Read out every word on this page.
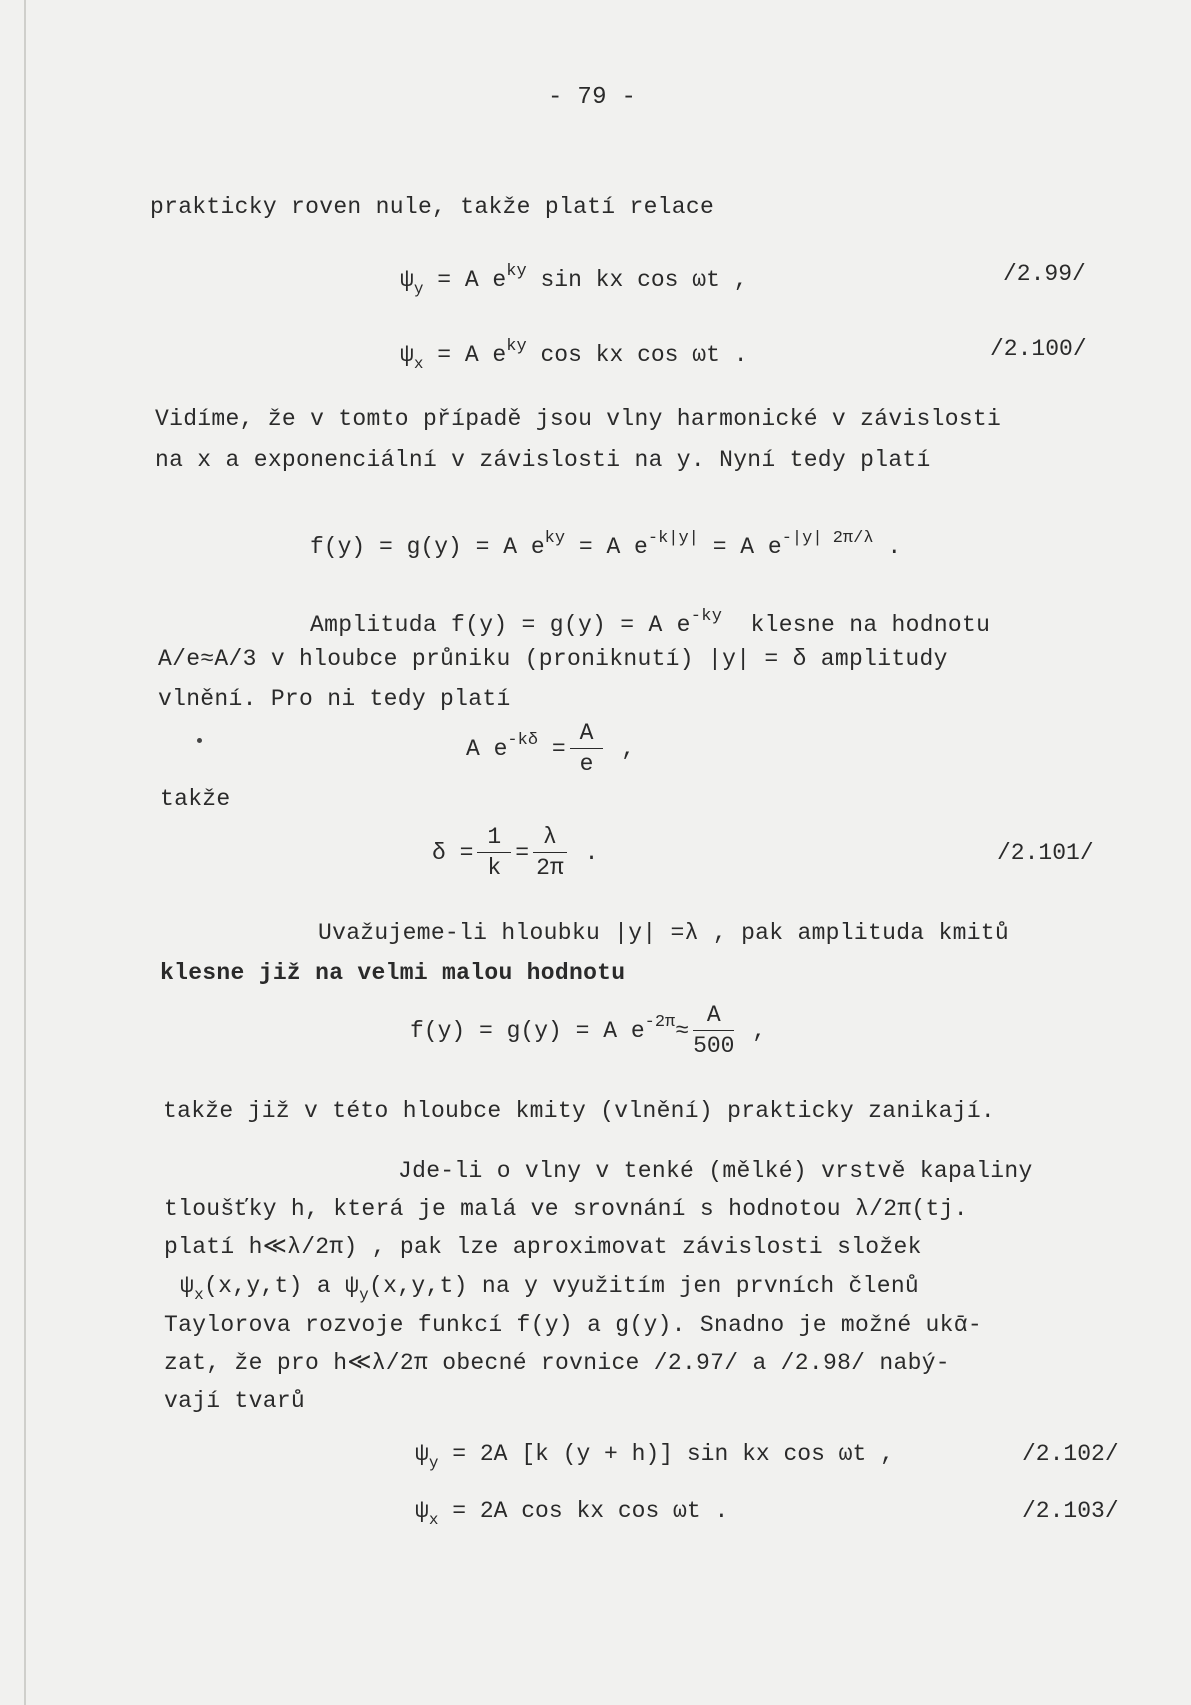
- 79 -
prakticky roven nule, takže platí relace
$\psi_y = A$ $e^{ky}$ sin kx cos ωt ,	/2.99/
$\psi_x = A$ $e^{ky}$ cos kx cos ωt .	/2.100/
Vidíme, že v tomto případě jsou vlny harmonické v závislosti
na x a exponenciální v závislosti na y. Nyní tedy platí
f(y) = g(y) = A $e^{ky} = A$ $e^{-k|y|} = A$ $e^{-|y| 2\pi/\lambda}$ .
Amplituda f(y) = g(y) = A $e^{-ky}$ klesne na hodnotu
A/e≈A/3 v hloubce průniku (proniknutí) |y| = δ amplitudy
vlnění. Pro ni tedy platí
A $e^{-k\delta} = \frac{A}{e}$ ,
takže
$\delta = \frac{1}{k} = \frac{\lambda}{2\pi}$ .	/2.101/
Uvažujeme-li hloubku |y| =λ , pak amplituda kmitů
klesne již na velmi malou hodnotu
f(y) = g(y) = A $e^{-2\pi}\approx \frac{A}{500}$ ,
takže již v této hloubce kmity (vlnění) prakticky zanikají.
Jde-li o vlny v tenké (mělké) vrstvě kapaliny
tloušťky h, která je malá ve srovnání s hodnotou λ/2π(tj.
platí h≪λ/2π) , pak lze aproximovat závislosti složek
$\psi_x(x,y,t)$ a $\psi_y(x,y,t)$ na y využitím jen prvních členů
Taylorova rozvoje funkcí f(y) a g(y). Snadno je možné ukᾱ-
zat, že pro h≪λ/2π obecné rovnice /2.97/ a /2.98/ nabý-
vají tvarů
$\psi_y = 2A$ [k (y + h)] sin kx cos ωt ,	/2.102/
$\psi_x = 2A$ cos kx cos ωt .	/2.103/
